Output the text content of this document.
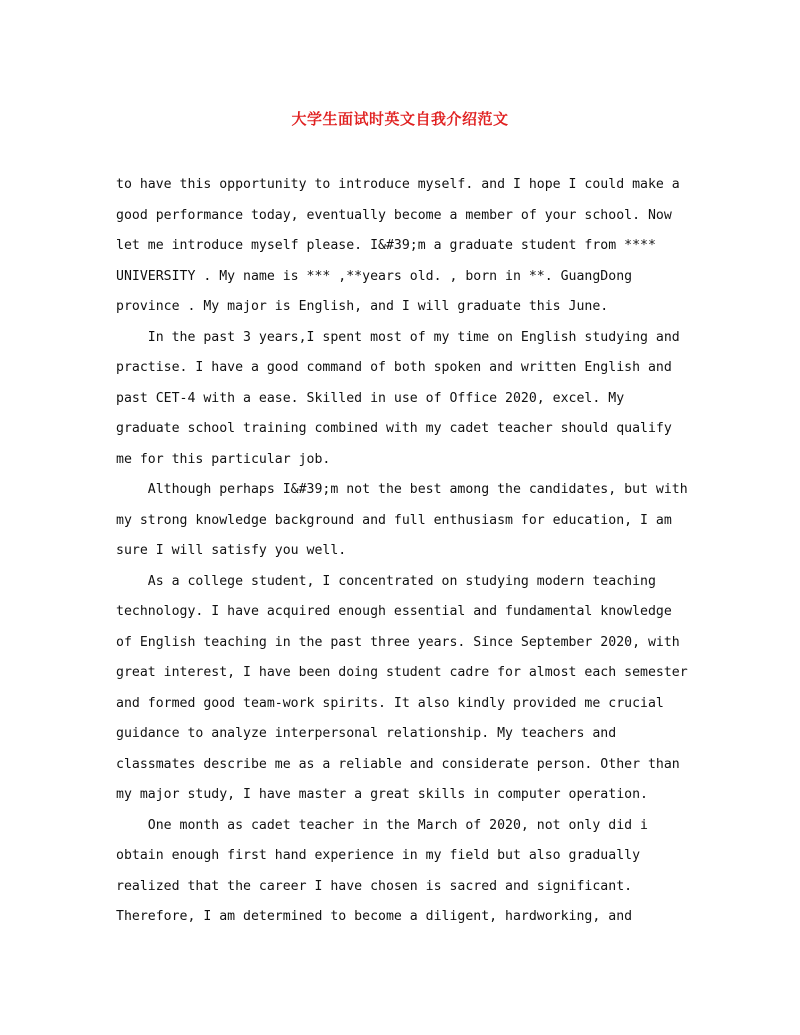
大学生面试时英文自我介绍范文
to have this opportunity to introduce myself. and I hope I could make a
good performance today, eventually become a member of your school. Now
let me introduce myself please. I&#39;m a graduate student from ****
UNIVERSITY . My name is *** ,**years old. , born in **. GuangDong
province . My major is English, and I will graduate this June.
In the past 3 years,I spent most of my time on English studying and
practise. I have a good command of both spoken and written English and
past CET-4 with a ease. Skilled in use of Office 2020, excel. My
graduate school training combined with my cadet teacher should qualify
me for this particular job.
Although perhaps I&#39;m not the best among the candidates, but with
my strong knowledge background and full enthusiasm for education, I am
sure I will satisfy you well.
As a college student, I concentrated on studying modern teaching
technology. I have acquired enough essential and fundamental knowledge
of English teaching in the past three years. Since September 2020, with
great interest, I have been doing student cadre for almost each semester
and formed good team-work spirits. It also kindly provided me crucial
guidance to analyze interpersonal relationship. My teachers and
classmates describe me as a reliable and considerate person. Other than
my major study, I have master a great skills in computer operation.
One month as cadet teacher in the March of 2020, not only did i
obtain enough first hand experience in my field but also gradually
realized that the career I have chosen is sacred and significant.
Therefore, I am determined to become a diligent, hardworking, and
